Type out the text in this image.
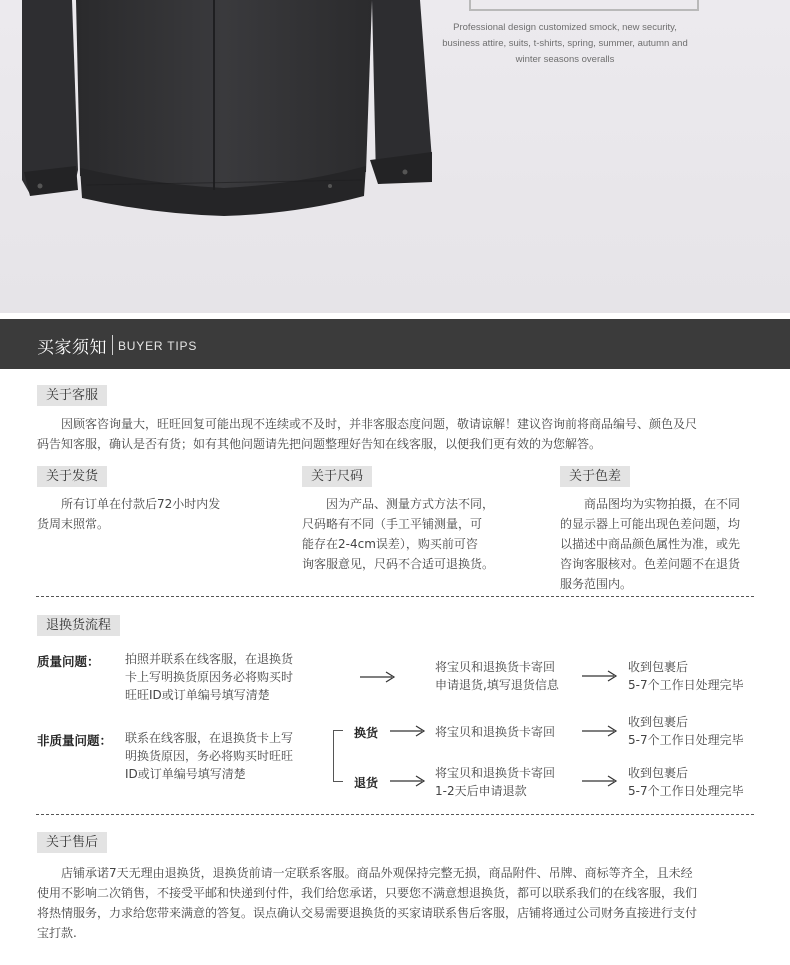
Professional design customized smock, new security,
business attire, suits, t-shirts, spring, summer, autumn and
winter seasons overalls
买家须知 BUYER TIPS
关于客服

因顾客咨询量大，旺旺回复可能出现不连续或不及时，并非客服态度问题，敬请谅解！建议咨询前将商品编号、颜色及尺

码告知客服，确认是否有货；如有其他问题请先把问题整理好告知在线客服，以便我们更有效的为您解答。

关于发货

所有订单在付款后72小时内发

货周末照常。

关于尺码

因为产品、测量方式方法不同，

尺码略有不同（手工平铺测量，可

能存在2-4cm误差），购买前可咨

询客服意见，尺码不合适可退换货。

关于色差

商品图均为实物拍摄，在不同

的显示器上可能出现色差问题，均

以描述中商品颜色属性为准，或先

咨询客服核对。色差问题不在退货

服务范围内。

退换货流程
质量问题： 拍照并联系在线客服，在退换货
卡上写明换货原因务必将购买时
旺旺ID或订单编号填写清楚
将宝贝和退换货卡寄回
申请退货,填写退货信息
收到包裹后
5-7个工作日处理完毕
非质量问题： 联系在线客服，在退换货卡上写
明换货原因，务必将购买时旺旺
ID或订单编号填写清楚
换货	将宝贝和退换货卡寄回
收到包裹后
5-7个工作日处理完毕
退货
将宝贝和退换货卡寄回
1-2天后申请退款
收到包裹后
5-7个工作日处理完毕
关于售后

店铺承诺7天无理由退换货，退换货前请一定联系客服。商品外观保持完整无损，商品附件、吊牌、商标等齐全，且未经

使用不影响二次销售，不接受平邮和快递到付件，我们给您承诺，只要您不满意想退换货，都可以联系我们的在线客服，我们

将热情服务，力求给您带来满意的答复。误点确认交易需要退换货的买家请联系售后客服，店铺将通过公司财务直接进行支付

宝打款.
